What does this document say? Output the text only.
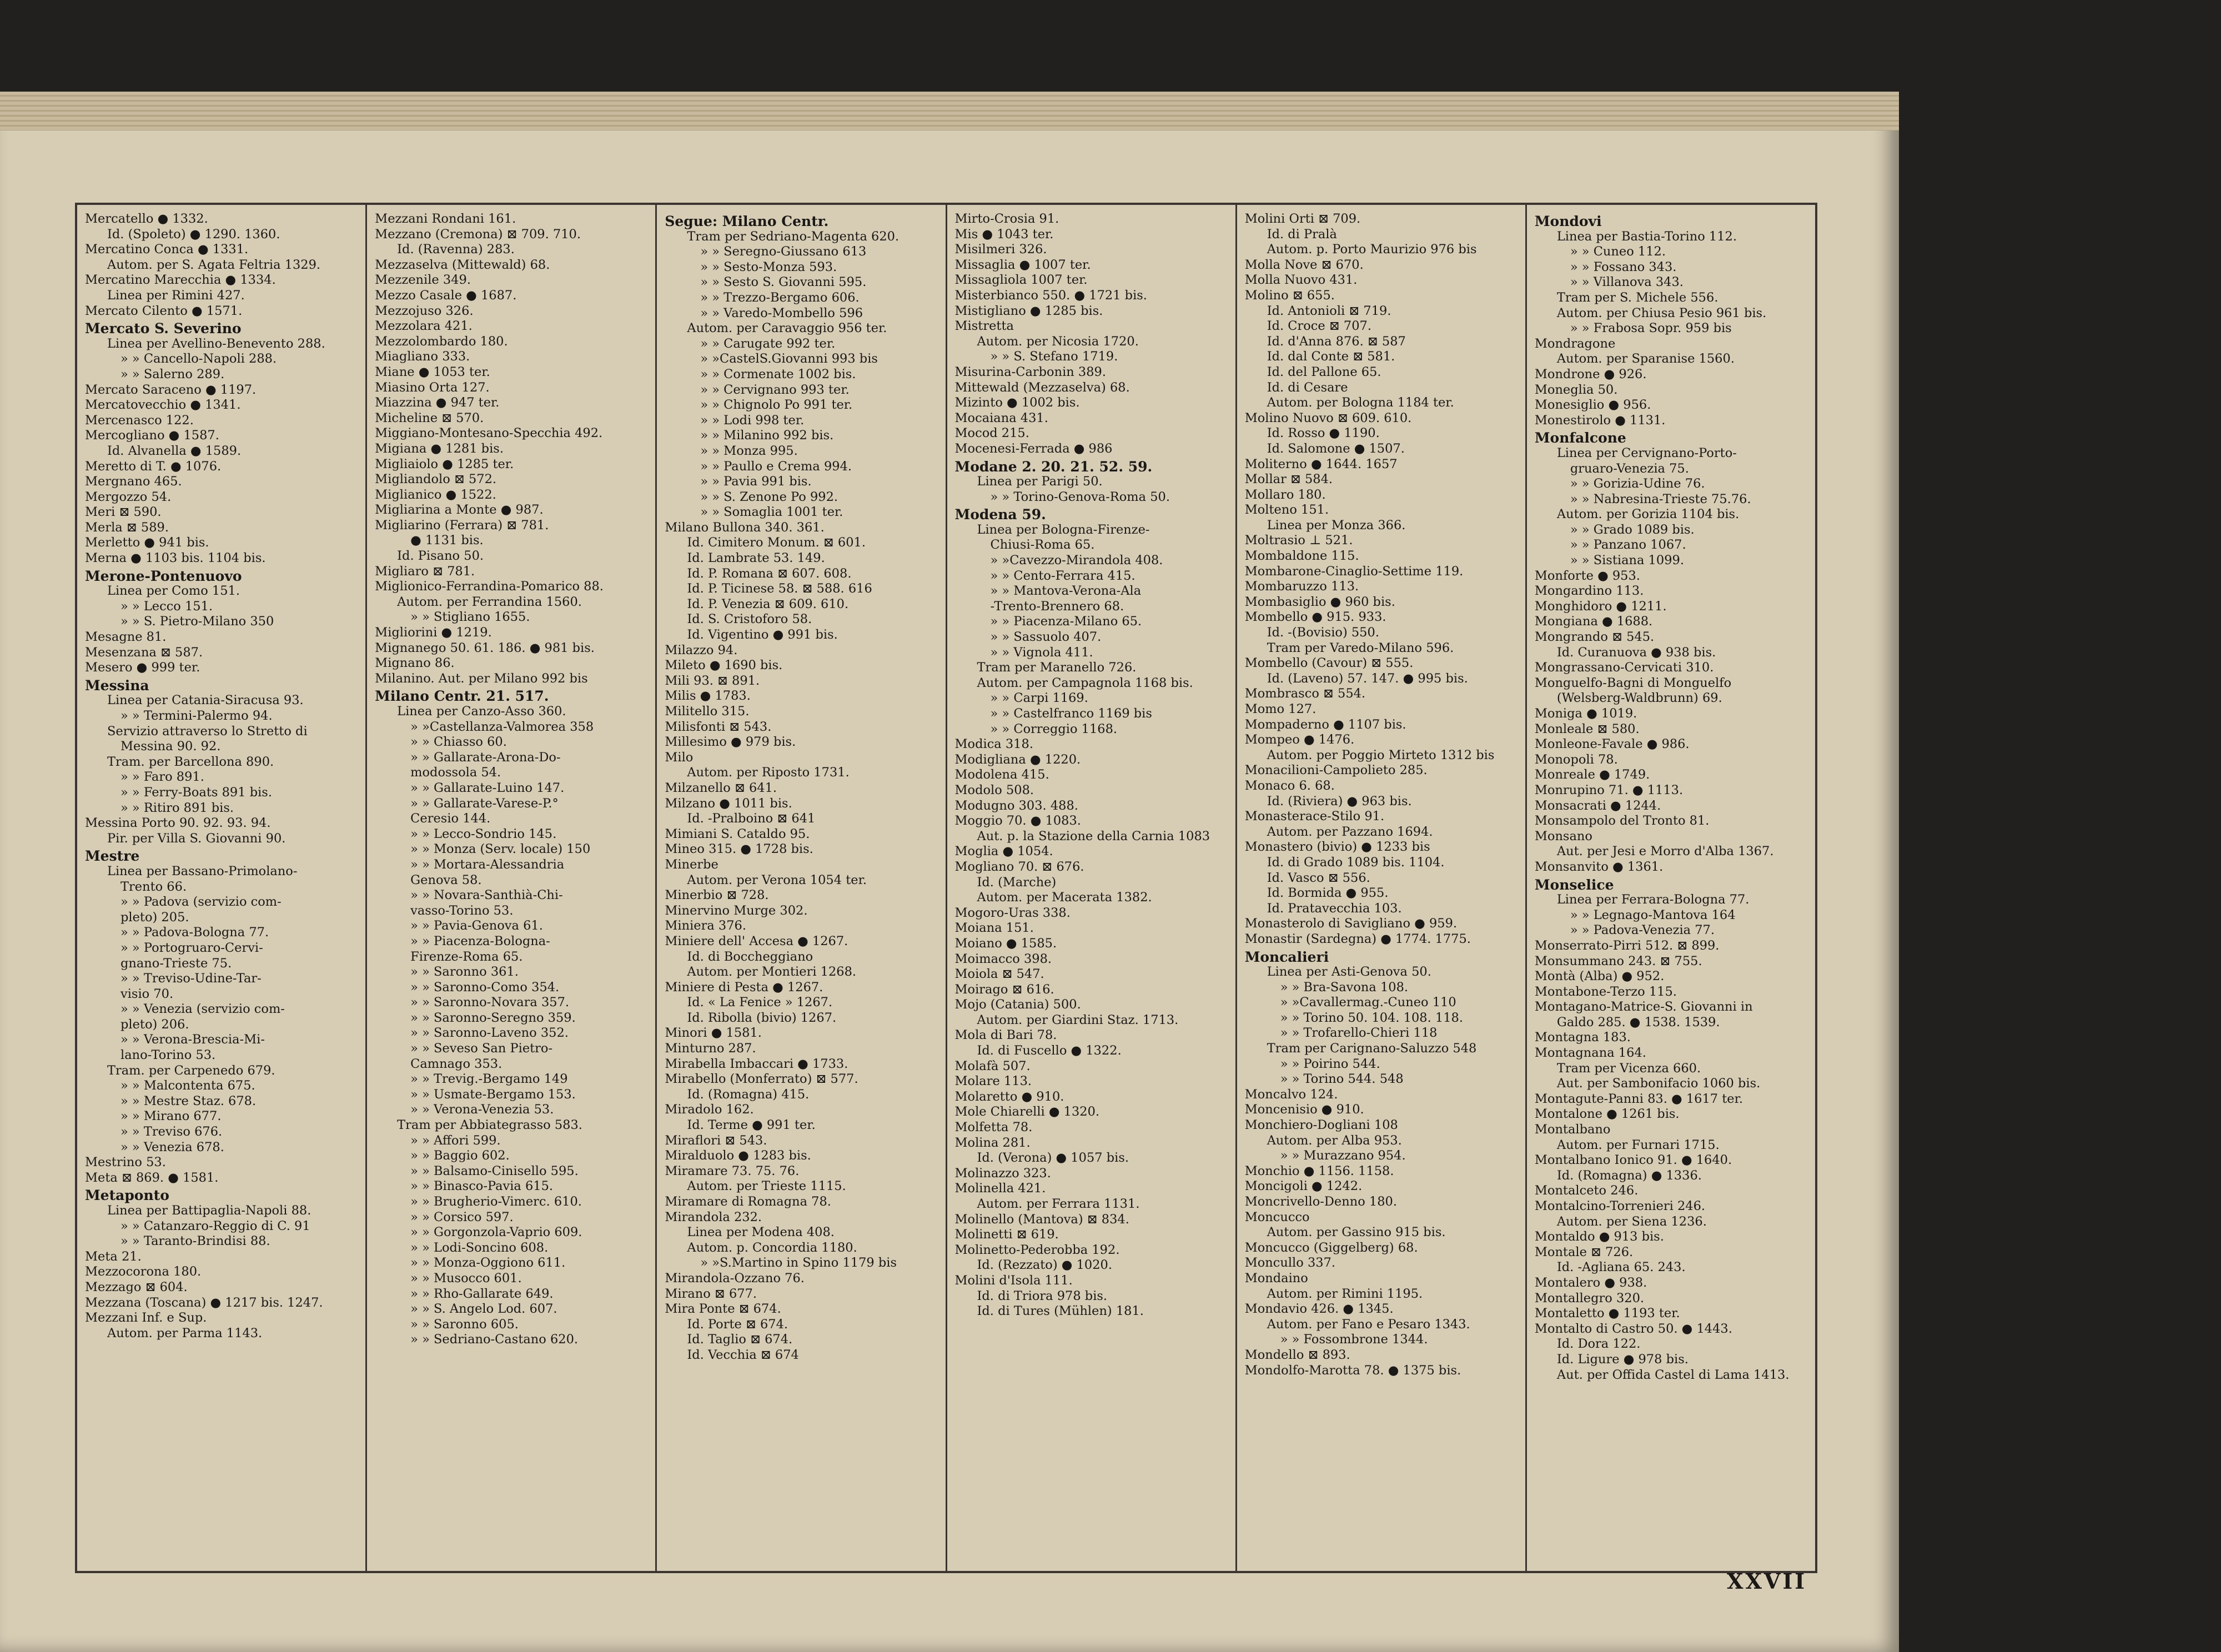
Mercatello ● 1332.
Id. (Spoleto) ● 1290. 1360.
Mercatino Conca ● 1331.
Autom. per S. Agata Feltria 1329.
Mercatino Marecchia ● 1334.
Linea per Rimini 427.
Mercato Cilento ● 1571.
Mercato S. Severino
Linea per Avellino-Benevento 288.
» » Cancello-Napoli 288.
» » Salerno 289.
Mercato Saraceno ● 1197.
Mercatovecchio ● 1341.
Mercenasco 122.
Mercogliano ● 1587.
Id. Alvanella ● 1589.
Meretto di T. ● 1076.
Mergnano 465.
Mergozzo 54.
Meri ⊠ 590.
Merla ⊠ 589.
Merletto ● 941 bis.
Merna ● 1103 bis. 1104 bis.
Merone-Pontenuovo
Linea per Como 151.
» » Lecco 151.
» » S. Pietro-Milano 350
Mesagne 81.
Mesenzana ⊠ 587.
Mesero ● 999 ter.
Messina
Linea per Catania-Siracusa 93.
» » Termini-Palermo 94.
Servizio attraverso lo Stretto di
Messina 90. 92.
Tram. per Barcellona 890.
» » Faro 891.
» » Ferry-Boats 891 bis.
» » Ritiro 891 bis.
Messina Porto 90. 92. 93. 94.
Pir. per Villa S. Giovanni 90.
Mestre
Linea per Bassano-Primolano-
Trento 66.
» » Padova (servizio com-
pleto) 205.
» » Padova-Bologna 77.
» » Portogruaro-Cervi-
gnano-Trieste 75.
» » Treviso-Udine-Tar-
visio 70.
» » Venezia (servizio com-
pleto) 206.
» » Verona-Brescia-Mi-
lano-Torino 53.
Tram. per Carpenedo 679.
» » Malcontenta 675.
» » Mestre Staz. 678.
» » Mirano 677.
» » Treviso 676.
» » Venezia 678.
Mestrino 53.
Meta ⊠ 869. ● 1581.
Metaponto
Linea per Battipaglia-Napoli 88.
» » Catanzaro-Reggio di C. 91
» » Taranto-Brindisi 88.
Meta 21.
Mezzocorona 180.
Mezzago ⊠ 604.
Mezzana (Toscana) ● 1217 bis. 1247.
Mezzani Inf. e Sup.
Autom. per Parma 1143.
Mezzani Rondani 161.
Mezzano (Cremona) ⊠ 709. 710.
Id. (Ravenna) 283.
Mezzaselva (Mittewald) 68.
Mezzenile 349.
Mezzo Casale ● 1687.
Mezzojuso 326.
Mezzolara 421.
Mezzolombardo 180.
Miagliano 333.
Miane ● 1053 ter.
Miasino Orta 127.
Miazzina ● 947 ter.
Micheline ⊠ 570.
Miggiano-Montesano-Specchia 492.
Migiana ● 1281 bis.
Migliaiolo ● 1285 ter.
Migliandolo ⊠ 572.
Miglianico ● 1522.
Migliarina a Monte ● 987.
Migliarino (Ferrara) ⊠ 781.
● 1131 bis.
Id. Pisano 50.
Migliaro ⊠ 781.
Miglionico-Ferrandina-Pomarico 88.
Autom. per Ferrandina 1560.
» » Stigliano 1655.
Migliorini ● 1219.
Mignanego 50. 61. 186. ● 981 bis.
Mignano 86.
Milanino. Aut. per Milano 992 bis
Milano Centr. 21. 517.
Linea per Canzo-Asso 360.
» »Castellanza-Valmorea 358
» » Chiasso 60.
» » Gallarate-Arona-Do-
modossola 54.
» » Gallarate-Luino 147.
» » Gallarate-Varese-P.°
Ceresio 144.
» » Lecco-Sondrio 145.
» » Monza (Serv. locale) 150
» » Mortara-Alessandria
Genova 58.
» » Novara-Santhià-Chi-
vasso-Torino 53.
» » Pavia-Genova 61.
» » Piacenza-Bologna-
Firenze-Roma 65.
» » Saronno 361.
» » Saronno-Como 354.
» » Saronno-Novara 357.
» » Saronno-Seregno 359.
» » Saronno-Laveno 352.
» » Seveso San Pietro-
Camnago 353.
» » Trevig.-Bergamo 149
» » Usmate-Bergamo 153.
» » Verona-Venezia 53.
Tram per Abbiategrasso 583.
» » Affori 599.
» » Baggio 602.
» » Balsamo-Cinisello 595.
» » Binasco-Pavia 615.
» » Brugherio-Vimerc. 610.
» » Corsico 597.
» » Gorgonzola-Vaprio 609.
» » Lodi-Soncino 608.
» » Monza-Oggiono 611.
» » Musocco 601.
» » Rho-Gallarate 649.
» » S. Angelo Lod. 607.
» » Saronno 605.
» » Sedriano-Castano 620.
Segue: Milano Centr.
Tram per Sedriano-Magenta 620.
» » Seregno-Giussano 613
» » Sesto-Monza 593.
» » Sesto S. Giovanni 595.
» » Trezzo-Bergamo 606.
» » Varedo-Mombello 596
Autom. per Caravaggio 956 ter.
» » Carugate 992 ter.
» »CastelS.Giovanni 993 bis
» » Cormenate 1002 bis.
» » Cervignano 993 ter.
» » Chignolo Po 991 ter.
» » Lodi 998 ter.
» » Milanino 992 bis.
» » Monza 995.
» » Paullo e Crema 994.
» » Pavia 991 bis.
» » S. Zenone Po 992.
» » Somaglia 1001 ter.
Milano Bullona 340. 361.
Id. Cimitero Monum. ⊠ 601.
Id. Lambrate 53. 149.
Id. P. Romana ⊠ 607. 608.
Id. P. Ticinese 58. ⊠ 588. 616
Id. P. Venezia ⊠ 609. 610.
Id. S. Cristoforo 58.
Id. Vigentino ● 991 bis.
Milazzo 94.
Mileto ● 1690 bis.
Mili 93. ⊠ 891.
Milis ● 1783.
Militello 315.
Milisfonti ⊠ 543.
Millesimo ● 979 bis.
Milo
Autom. per Riposto 1731.
Milzanello ⊠ 641.
Milzano ● 1011 bis.
Id. -Pralboino ⊠ 641
Mimiani S. Cataldo 95.
Mineo 315. ● 1728 bis.
Minerbe
Autom. per Verona 1054 ter.
Minerbio ⊠ 728.
Minervino Murge 302.
Miniera 376.
Miniere dell' Accesa ● 1267.
Id. di Boccheggiano
Autom. per Montieri 1268.
Miniere di Pesta ● 1267.
Id. « La Fenice » 1267.
Id. Ribolla (bivio) 1267.
Minori ● 1581.
Minturno 287.
Mirabella Imbaccari ● 1733.
Mirabello (Monferrato) ⊠ 577.
Id. (Romagna) 415.
Miradolo 162.
Id. Terme ● 991 ter.
Miraflori ⊠ 543.
Miralduolo ● 1283 bis.
Miramare 73. 75. 76.
Autom. per Trieste 1115.
Miramare di Romagna 78.
Mirandola 232.
Linea per Modena 408.
Autom. p. Concordia 1180.
» »S.Martino in Spino 1179 bis
Mirandola-Ozzano 76.
Mirano ⊠ 677.
Mira Ponte ⊠ 674.
Id. Porte ⊠ 674.
Id. Taglio ⊠ 674.
Id. Vecchia ⊠ 674
Mirto-Crosia 91.
Mis ● 1043 ter.
Misilmeri 326.
Missaglia ● 1007 ter.
Missagliola 1007 ter.
Misterbianco 550. ● 1721 bis.
Mistigliano ● 1285 bis.
Mistretta
Autom. per Nicosia 1720.
» » S. Stefano 1719.
Misurina-Carbonin 389.
Mittewald (Mezzaselva) 68.
Mizinto ● 1002 bis.
Mocaiana 431.
Mocod 215.
Mocenesi-Ferrada ● 986
Modane 2. 20. 21. 52. 59.
Linea per Parigi 50.
» » Torino-Genova-Roma 50.
Modena 59.
Linea per Bologna-Firenze-
Chiusi-Roma 65.
» »Cavezzo-Mirandola 408.
» » Cento-Ferrara 415.
» » Mantova-Verona-Ala
-Trento-Brennero 68.
» » Piacenza-Milano 65.
» » Sassuolo 407.
» » Vignola 411.
Tram per Maranello 726.
Autom. per Campagnola 1168 bis.
» » Carpi 1169.
» » Castelfranco 1169 bis
» » Correggio 1168.
Modica 318.
Modigliana ● 1220.
Modolena 415.
Modolo 508.
Modugno 303. 488.
Moggio 70. ● 1083.
Aut. p. la Stazione della Carnia 1083
Moglia ● 1054.
Mogliano 70. ⊠ 676.
Id. (Marche)
Autom. per Macerata 1382.
Mogoro-Uras 338.
Moiana 151.
Moiano ● 1585.
Moimacco 398.
Moiola ⊠ 547.
Moirago ⊠ 616.
Mojo (Catania) 500.
Autom. per Giardini Staz. 1713.
Mola di Bari 78.
Id. di Fuscello ● 1322.
Molafà 507.
Molare 113.
Molaretto ● 910.
Mole Chiarelli ● 1320.
Molfetta 78.
Molina 281.
Id. (Verona) ● 1057 bis.
Molinazzo 323.
Molinella 421.
Autom. per Ferrara 1131.
Molinello (Mantova) ⊠ 834.
Molinetti ⊠ 619.
Molinetto-Pederobba 192.
Id. (Rezzato) ● 1020.
Molini d'Isola 111.
Id. di Triora 978 bis.
Id. di Tures (Mühlen) 181.
Molini Orti ⊠ 709.
Id. di Pralà
Autom. p. Porto Maurizio 976 bis
Molla Nove ⊠ 670.
Molla Nuovo 431.
Molino ⊠ 655.
Id. Antonioli ⊠ 719.
Id. Croce ⊠ 707.
Id. d'Anna 876. ⊠ 587
Id. dal Conte ⊠ 581.
Id. del Pallone 65.
Id. di Cesare
Autom. per Bologna 1184 ter.
Molino Nuovo ⊠ 609. 610.
Id. Rosso ● 1190.
Id. Salomone ● 1507.
Moliterno ● 1644. 1657
Mollar ⊠ 584.
Mollaro 180.
Molteno 151.
Linea per Monza 366.
Moltrasio ⊥ 521.
Mombaldone 115.
Mombarone-Cinaglio-Settime 119.
Mombaruzzo 113.
Mombasiglio ● 960 bis.
Mombello ● 915. 933.
Id. -(Bovisio) 550.
Tram per Varedo-Milano 596.
Mombello (Cavour) ⊠ 555.
Id. (Laveno) 57. 147. ● 995 bis.
Mombrasco ⊠ 554.
Momo 127.
Mompaderno ● 1107 bis.
Mompeo ● 1476.
Autom. per Poggio Mirteto 1312 bis
Monacilioni-Campolieto 285.
Monaco 6. 68.
Id. (Riviera) ● 963 bis.
Monasterace-Stilo 91.
Autom. per Pazzano 1694.
Monastero (bivio) ● 1233 bis
Id. di Grado 1089 bis. 1104.
Id. Vasco ⊠ 556.
Id. Bormida ● 955.
Id. Pratavecchia 103.
Monasterolo di Savigliano ● 959.
Monastir (Sardegna) ● 1774. 1775.
Moncalieri
Linea per Asti-Genova 50.
» » Bra-Savona 108.
» »Cavallermag.-Cuneo 110
» » Torino 50. 104. 108. 118.
» » Trofarello-Chieri 118
Tram per Carignano-Saluzzo 548
» » Poirino 544.
» » Torino 544. 548
Moncalvo 124.
Moncenisio ● 910.
Monchiero-Dogliani 108
Autom. per Alba 953.
» » Murazzano 954.
Monchio ● 1156. 1158.
Moncigoli ● 1242.
Moncrivello-Denno 180.
Moncucco
Autom. per Gassino 915 bis.
Moncucco (Giggelberg) 68.
Moncullo 337.
Mondaino
Autom. per Rimini 1195.
Mondavio 426. ● 1345.
Autom. per Fano e Pesaro 1343.
» » Fossombrone 1344.
Mondello ⊠ 893.
Mondolfo-Marotta 78. ● 1375 bis.
Mondovi
Linea per Bastia-Torino 112.
» » Cuneo 112.
» » Fossano 343.
» » Villanova 343.
Tram per S. Michele 556.
Autom. per Chiusa Pesio 961 bis.
» » Frabosa Sopr. 959 bis
Mondragone
Autom. per Sparanise 1560.
Mondrone ● 926.
Moneglia 50.
Monesiglio ● 956.
Monestirolo ● 1131.
Monfalcone
Linea per Cervignano-Porto-
gruaro-Venezia 75.
» » Gorizia-Udine 76.
» » Nabresina-Trieste 75.76.
Autom. per Gorizia 1104 bis.
» » Grado 1089 bis.
» » Panzano 1067.
» » Sistiana 1099.
Monforte ● 953.
Mongardino 113.
Monghidoro ● 1211.
Mongiana ● 1688.
Mongrando ⊠ 545.
Id. Curanuova ● 938 bis.
Mongrassano-Cervicati 310.
Monguelfo-Bagni di Monguelfo
(Welsberg-Waldbrunn) 69.
Moniga ● 1019.
Monleale ⊠ 580.
Monleone-Favale ● 986.
Monopoli 78.
Monreale ● 1749.
Monrupino 71. ● 1113.
Monsacrati ● 1244.
Monsampolo del Tronto 81.
Monsano
Aut. per Jesi e Morro d'Alba 1367.
Monsanvito ● 1361.
Monselice
Linea per Ferrara-Bologna 77.
» » Legnago-Mantova 164
» » Padova-Venezia 77.
Monserrato-Pirri 512. ⊠ 899.
Monsummano 243. ⊠ 755.
Montà (Alba) ● 952.
Montabone-Terzo 115.
Montagano-Matrice-S. Giovanni in
Galdo 285. ● 1538. 1539.
Montagna 183.
Montagnana 164.
Tram per Vicenza 660.
Aut. per Sambonifacio 1060 bis.
Montagute-Panni 83. ● 1617 ter.
Montalone ● 1261 bis.
Montalbano
Autom. per Furnari 1715.
Montalbano Ionico 91. ● 1640.
Id. (Romagna) ● 1336.
Montalceto 246.
Montalcino-Torrenieri 246.
Autom. per Siena 1236.
Montaldo ● 913 bis.
Montale ⊠ 726.
Id. -Agliana 65. 243.
Montalero ● 938.
Montallegro 320.
Montaletto ● 1193 ter.
Montalto di Castro 50. ● 1443.
Id. Dora 122.
Id. Ligure ● 978 bis.
Aut. per Offida Castel di Lama 1413.
XXVII
